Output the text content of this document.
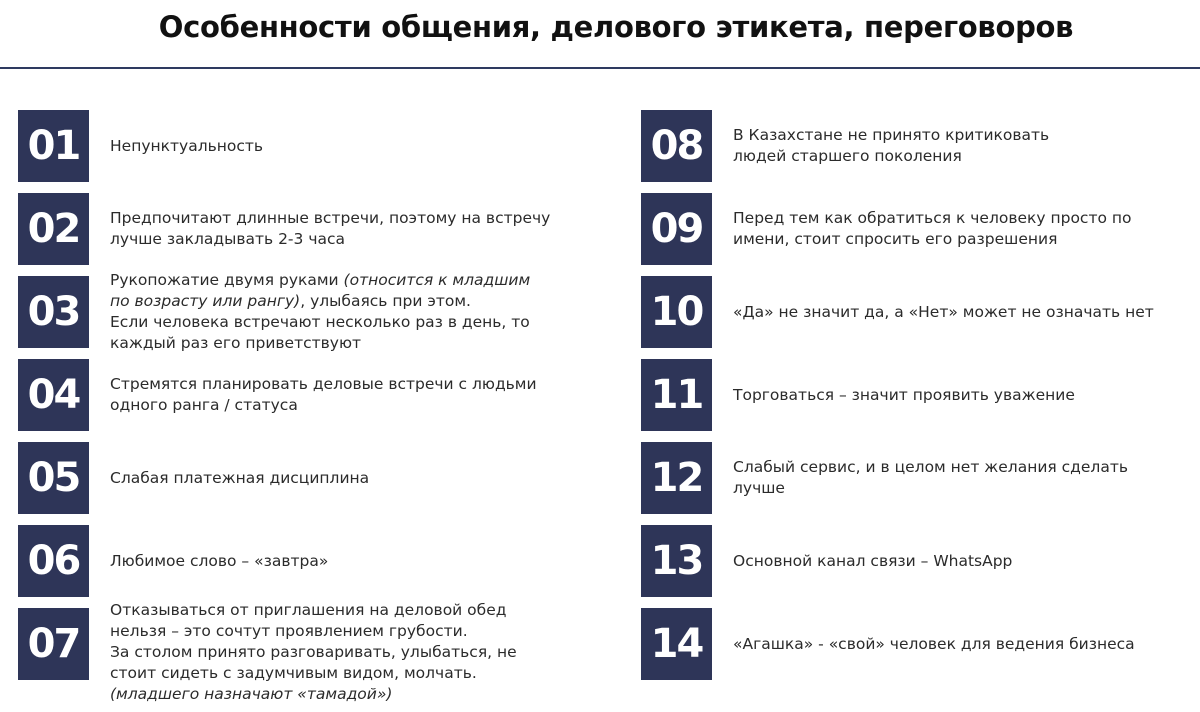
Особенности общения, делового этикета, переговоров
01	Непунктуальность
02	Предпочитают длинные встречи, поэтому на встречу
лучше закладывать 2-3 часа
03
Рукопожатие двумя руками (относится к младшим
по возрасту или рангу), улыбаясь при этом.
Если человека встречают несколько раз в день, то
каждый раз его приветствуют
04	Стремятся планировать деловые встречи с людьми
одного ранга / статуса
05	Слабая платежная дисциплина
06	Любимое слово – «завтра»
07
Отказываться от приглашения на деловой обед
нельзя – это сочтут проявлением грубости.
За столом принято разговаривать, улыбаться, не
стоит сидеть с задумчивым видом, молчать.
(младшего назначают «тамадой»)
08	В Казахстане не принято критиковать
людей старшего поколения
09	Перед тем как обратиться к человеку просто по
имени, стоит спросить его разрешения
10	«Да» не значит да, а «Нет» может не означать нет
11	Торговаться – значит проявить уважение
12	Слабый сервис, и в целом нет желания сделать
лучше
13	Основной канал связи – WhatsApp
14	«Агашка» - «свой» человек для ведения бизнеса
